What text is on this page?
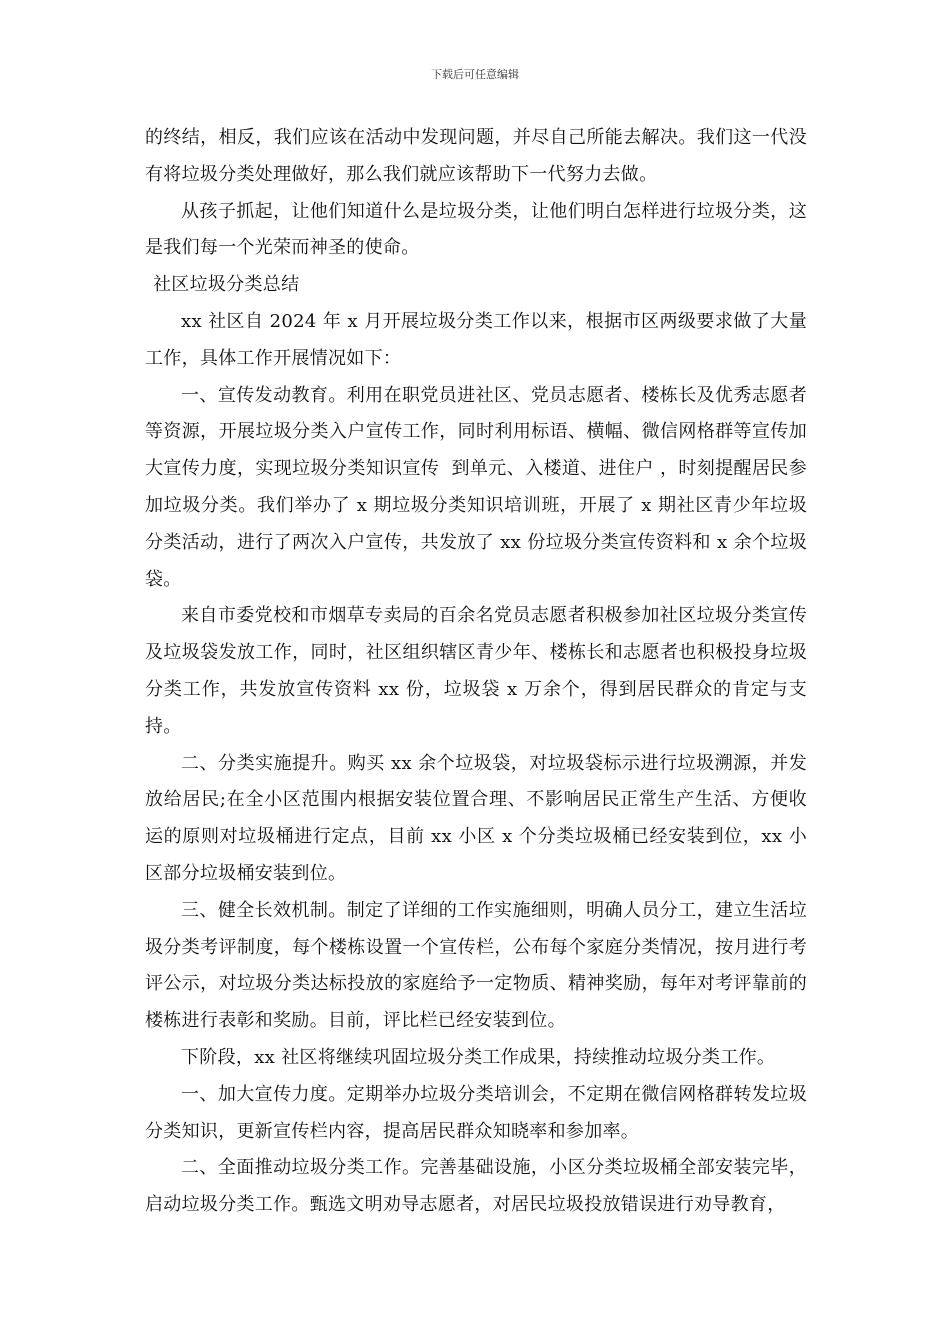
下载后可任意编辑

的终结，相反，我们应该在活动中发现问题，并尽自己所能去解决。我们这一代没有将垃圾分类处理做好，那么我们就应该帮助下一代努力去做。

从孩子抓起，让他们知道什么是垃圾分类，让他们明白怎样进行垃圾分类，这是我们每一个光荣而神圣的使命。

社区垃圾分类总结

xx 社区自 2024 年 x 月开展垃圾分类工作以来，根据市区两级要求做了大量工作，具体工作开展情况如下：

一、宣传发动教育。利用在职党员进社区、党员志愿者、楼栋长及优秀志愿者等资源，开展垃圾分类入户宣传工作，同时利用标语、横幅、微信网格群等宣传加大宣传力度，实现垃圾分类知识宣传  到单元、入楼道、进住户 ，时刻提醒居民参加垃圾分类。我们举办了 x 期垃圾分类知识培训班，开展了 x 期社区青少年垃圾分类活动，进行了两次入户宣传，共发放了 xx 份垃圾分类宣传资料和 x 余个垃圾袋。

来自市委党校和市烟草专卖局的百余名党员志愿者积极参加社区垃圾分类宣传及垃圾袋发放工作，同时，社区组织辖区青少年、楼栋长和志愿者也积极投身垃圾分类工作，共发放宣传资料 xx 份，垃圾袋 x 万余个，得到居民群众的肯定与支持。

二、分类实施提升。购买 xx 余个垃圾袋，对垃圾袋标示进行垃圾溯源，并发放给居民;在全小区范围内根据安装位置合理、不影响居民正常生产生活、方便收运的原则对垃圾桶进行定点，目前 xx 小区 x 个分类垃圾桶已经安装到位，xx 小区部分垃圾桶安装到位。

三、健全长效机制。制定了详细的工作实施细则，明确人员分工，建立生活垃圾分类考评制度，每个楼栋设置一个宣传栏，公布每个家庭分类情况，按月进行考评公示，对垃圾分类达标投放的家庭给予一定物质、精神奖励，每年对考评靠前的楼栋进行表彰和奖励。目前，评比栏已经安装到位。

下阶段，xx 社区将继续巩固垃圾分类工作成果，持续推动垃圾分类工作。

一、加大宣传力度。定期举办垃圾分类培训会，不定期在微信网格群转发垃圾分类知识，更新宣传栏内容，提高居民群众知晓率和参加率。

二、全面推动垃圾分类工作。完善基础设施，小区分类垃圾桶全部安装完毕，启动垃圾分类工作。甄选文明劝导志愿者，对居民垃圾投放错误进行劝导教育，
